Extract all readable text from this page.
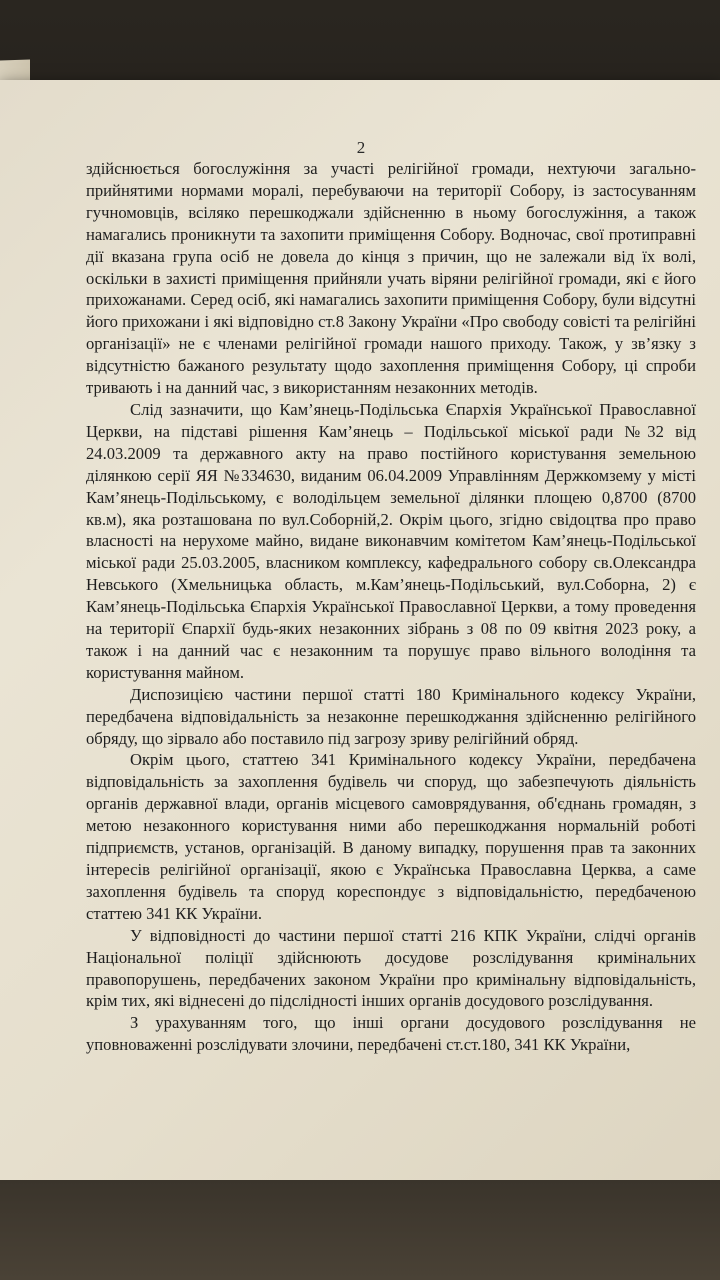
2

здійснюється богослужіння за участі релігійної громади, нехтуючи загально-прийнятими нормами моралі, перебуваючи на території Собору, із застосуванням гучномовців, всіляко перешкоджали здійсненню в ньому богослужіння, а також намагались проникнути та захопити приміщення Собору. Водночас, свої протиправні дії вказана група осіб не довела до кінця з причин, що не залежали від їх волі, оскільки в захисті приміщення прийняли учать віряни релігійної громади, які є його прихожанами. Серед осіб, які намагались захопити приміщення Собору, були відсутні його прихожани і які відповідно ст.8 Закону України «Про свободу совісті та релігійні організації» не є членами релігійної громади нашого приходу. Також, у зв’язку з відсутністю бажаного результату щодо захоплення приміщення Собору, ці спроби тривають і на данний час, з використанням незаконних методів.

Слід зазначити, що Кам’янець-Подільська Єпархія Української Православної Церкви, на підставі рішення Кам’янець – Подільської міської ради №32 від 24.03.2009 та державного акту на право постійного користування земельною ділянкою серії ЯЯ №334630, виданим 06.04.2009 Управлінням Держкомзему у місті Кам’янець-Подільському, є володільцем земельної ділянки площею 0,8700 (8700 кв.м), яка розташована по вул.Соборній,2. Окрім цього, згідно свідоцтва про право власності на нерухоме майно, видане виконавчим комітетом Кам’янець-Подільської міської ради 25.03.2005, власником комплексу, кафедрального собору св.Олександра Невського (Хмельницька область, м.Кам’янець-Подільський, вул.Соборна, 2) є Кам’янець-Подільська Єпархія Української Православної Церкви, а тому проведення на території Єпархії будь-яких незаконних зібрань з 08 по 09 квітня 2023 року, а також і на данний час є незаконним та порушує право вільного володіння та користування майном.

Диспозицією частини першої статті 180 Кримінального кодексу України, передбачена відповідальність за незаконне перешкоджання здійсненню релігійного обряду, що зірвало або поставило під загрозу зриву релігійний обряд.

Окрім цього, статтею 341 Кримінального кодексу України, передбачена відповідальність за захоплення будівель чи споруд, що забезпечують діяльність органів державної влади, органів місцевого самоврядування, об'єднань громадян, з метою незаконного користування ними або перешкоджання нормальній роботі підприємств, установ, організацій. В даному випадку, порушення прав та законних інтересів релігійної організації, якою є Українська Православна Церква, а саме захоплення будівель та споруд кореспондує з відповідальністю, передбаченою статтею 341 КК України.

У відповідності до частини першої статті 216 КПК України, слідчі органів Національної поліції здійснюють досудове розслідування кримінальних правопорушень, передбачених законом України про кримінальну відповідальність, крім тих, які віднесені до підслідності інших органів досудового розслідування.

З урахуванням того, що інші органи досудового розслідування не уповноваженні розслідувати злочини, передбачені ст.ст.180, 341 КК України,
